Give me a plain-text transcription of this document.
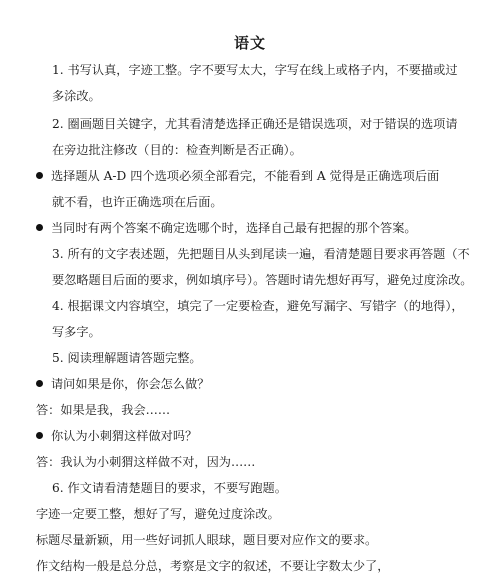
语文
1. 书写认真，字迹工整。字不要写太大，字写在线上或格子内，不要描或过
多涂改。
2. 圈画题目关键字，尤其看清楚选择正确还是错误选项，对于错误的选项请
在旁边批注修改（目的：检查判断是否正确）。
选择题从 A-D 四个选项必须全部看完，不能看到 A 觉得是正确选项后面
就不看，也许正确选项在后面。
当同时有两个答案不确定选哪个时，选择自己最有把握的那个答案。
3. 所有的文字表述题，先把题目从头到尾读一遍，看清楚题目要求再答题（不
要忽略题目后面的要求，例如填序号）。答题时请先想好再写，避免过度涂改。
4. 根据课文内容填空，填完了一定要检查，避免写漏字、写错字（的地得），
写多字。
5. 阅读理解题请答题完整。
请问如果是你，你会怎么做？
答：如果是我，我会……
你认为小刺猬这样做对吗？
答：我认为小刺猬这样做不对，因为……
6. 作文请看清楚题目的要求，不要写跑题。
字迹一定要工整，想好了写，避免过度涂改。
标题尽量新颖，用一些好词抓人眼球，题目要对应作文的要求。
作文结构一般是总分总，考察是文字的叙述，不要让字数太少了，
